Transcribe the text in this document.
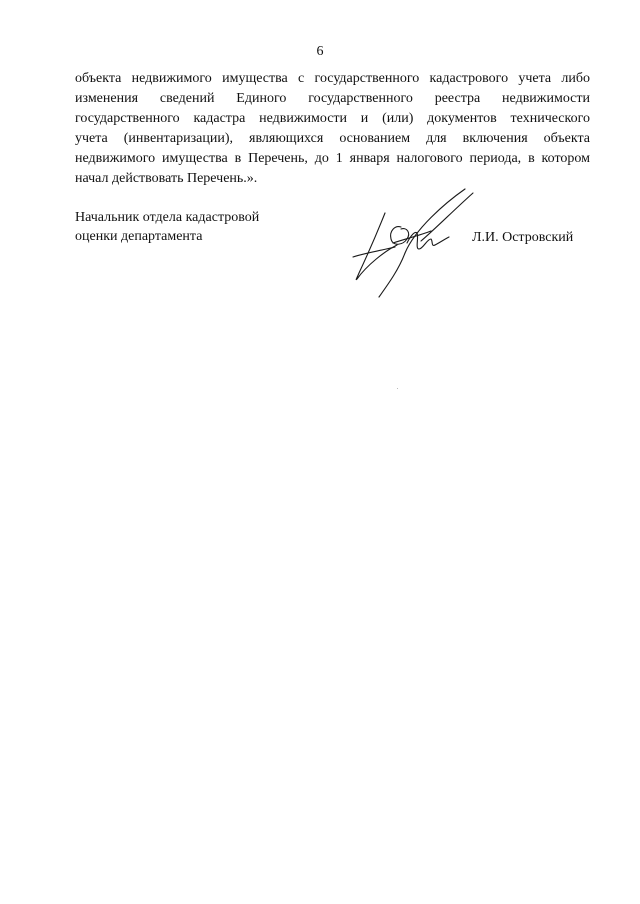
6
объекта недвижимого имущества с государственного кадастрового учета либо
изменения сведений Единого государственного реестра недвижимости
государственного кадастра недвижимости и (или) документов технического
учета (инвентаризации), являющихся основанием для включения объекта
недвижимого имущества в Перечень, до 1 января налогового периода, в котором
начал действовать Перечень.».
Начальник отдела кадастровой
оценки департамента	Л.И. Островский
